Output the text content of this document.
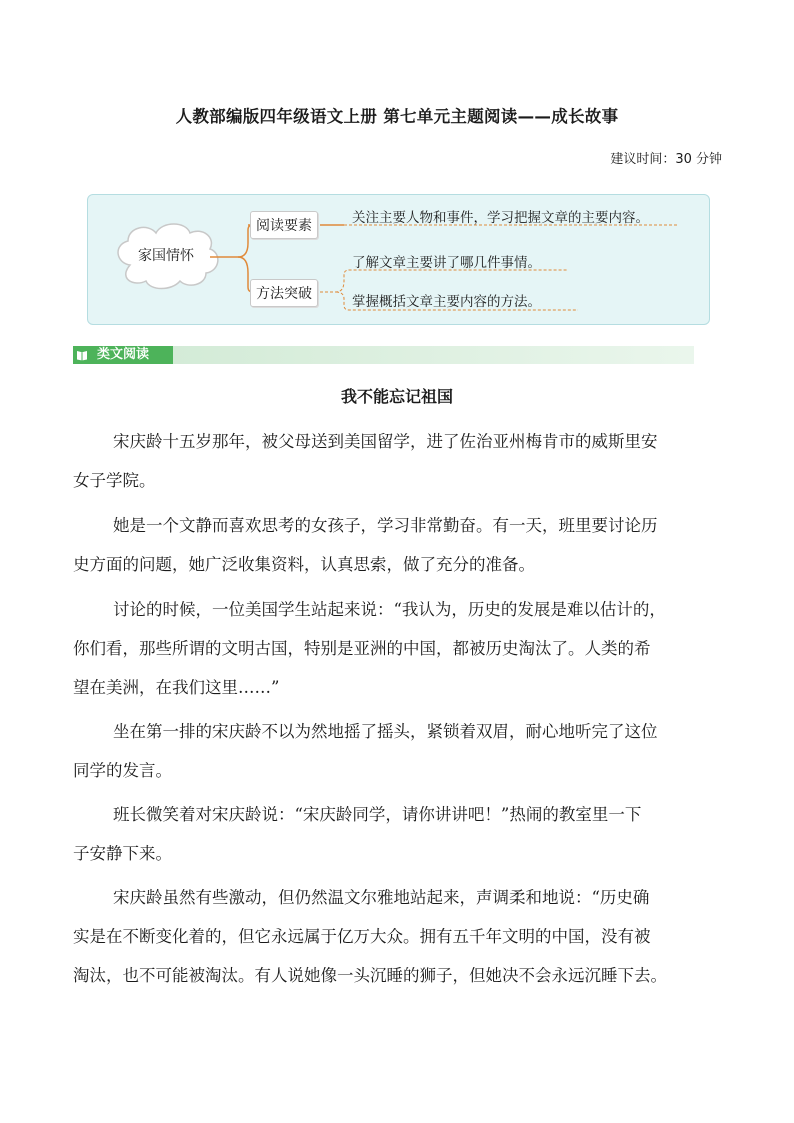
人教部编版四年级语文上册 第七单元主题阅读——成长故事
建议时间：30 分钟
家国情怀
阅读要素	关注主要人物和事件，学习把握文章的主要内容。
方法突破
了解文章主要讲了哪几件事情。
掌握概括文章主要内容的方法。
类文阅读
我不能忘记祖国
宋庆龄十五岁那年，被父母送到美国留学，进了佐治亚州梅肯市的威斯里安
女子学院。
她是一个文静而喜欢思考的女孩子，学习非常勤奋。有一天，班里要讨论历
史方面的问题，她广泛收集资料，认真思索，做了充分的准备。
讨论的时候，一位美国学生站起来说：“我认为，历史的发展是难以估计的，
你们看，那些所谓的文明古国，特别是亚洲的中国，都被历史淘汰了。人类的希
望在美洲，在我们这里……”
坐在第一排的宋庆龄不以为然地摇了摇头，紧锁着双眉，耐心地听完了这位
同学的发言。
班长微笑着对宋庆龄说：“宋庆龄同学，请你讲讲吧！”热闹的教室里一下
子安静下来。
宋庆龄虽然有些激动，但仍然温文尔雅地站起来，声调柔和地说：“历史确
实是在不断变化着的，但它永远属于亿万大众。拥有五千年文明的中国，没有被
淘汰，也不可能被淘汰。有人说她像一头沉睡的狮子，但她决不会永远沉睡下去。
